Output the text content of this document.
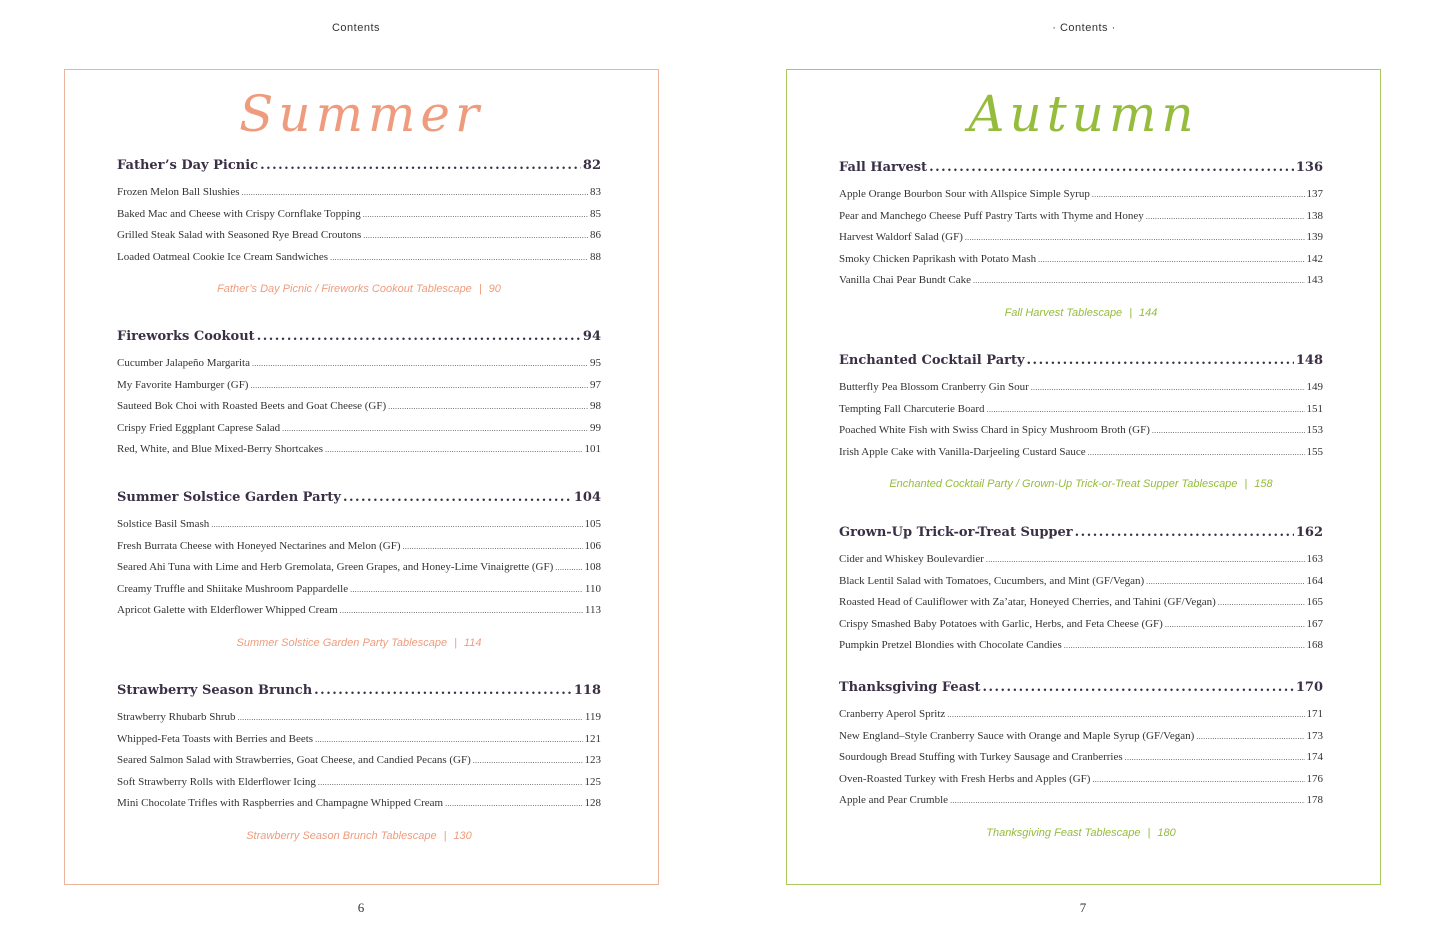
Contents	· Contents ·
Summer
Father’s Day Picnic .....	82
Frozen Melon Ball Slushies .....	83
Baked Mac and Cheese with Crispy Cornflake Topping .....	85
Grilled Steak Salad with Seasoned Rye Bread Croutons .....	86
Loaded Oatmeal Cookie Ice Cream Sandwiches .....	88
Father’s Day Picnic / Fireworks Cookout Tablescape | 90
Fireworks Cookout .....	94
Cucumber Jalapeño Margarita .....	95
My Favorite Hamburger (GF) .....	97
Sauteed Bok Choi with Roasted Beets and Goat Cheese (GF) .....	98
Crispy Fried Eggplant Caprese Salad .....	99
Red, White, and Blue Mixed-Berry Shortcakes .....	101
Summer Solstice Garden Party .....	104
Solstice Basil Smash .....	105
Fresh Burrata Cheese with Honeyed Nectarines and Melon (GF) .....	106
Seared Ahi Tuna with Lime and Herb Gremolata, Green Grapes, and Honey-Lime Vinaigrette (GF) .....	108
Creamy Truffle and Shiitake Mushroom Pappardelle .....	110
Apricot Galette with Elderflower Whipped Cream .....	113
Summer Solstice Garden Party Tablescape | 114
Strawberry Season Brunch .....	118
Strawberry Rhubarb Shrub .....	119
Whipped-Feta Toasts with Berries and Beets .....	121
Seared Salmon Salad with Strawberries, Goat Cheese, and Candied Pecans (GF) .....	123
Soft Strawberry Rolls with Elderflower Icing .....	125
Mini Chocolate Trifles with Raspberries and Champagne Whipped Cream .....	128
Strawberry Season Brunch Tablescape | 130
Autumn
Fall Harvest .....	136
Apple Orange Bourbon Sour with Allspice Simple Syrup .....	137
Pear and Manchego Cheese Puff Pastry Tarts with Thyme and Honey .....	138
Harvest Waldorf Salad (GF) .....	139
Smoky Chicken Paprikash with Potato Mash .....	142
Vanilla Chai Pear Bundt Cake .....	143
Fall Harvest Tablescape | 144
Enchanted Cocktail Party .....	148
Butterfly Pea Blossom Cranberry Gin Sour .....	149
Tempting Fall Charcuterie Board .....	151
Poached White Fish with Swiss Chard in Spicy Mushroom Broth (GF) .....	153
Irish Apple Cake with Vanilla-Darjeeling Custard Sauce .....	155
Enchanted Cocktail Party / Grown-Up Trick-or-Treat Supper Tablescape | 158
Grown-Up Trick-or-Treat Supper .....	162
Cider and Whiskey Boulevardier .....	163
Black Lentil Salad with Tomatoes, Cucumbers, and Mint (GF/Vegan) .....	164
Roasted Head of Cauliflower with Za’atar, Honeyed Cherries, and Tahini (GF/Vegan) .....	165
Crispy Smashed Baby Potatoes with Garlic, Herbs, and Feta Cheese (GF) .....	167
Pumpkin Pretzel Blondies with Chocolate Candies .....	168
Thanksgiving Feast .....	170
Cranberry Aperol Spritz .....	171
New England–Style Cranberry Sauce with Orange and Maple Syrup (GF/Vegan) .....	173
Sourdough Bread Stuffing with Turkey Sausage and Cranberries .....	174
Oven-Roasted Turkey with Fresh Herbs and Apples (GF) .....	176
Apple and Pear Crumble .....	178
Thanksgiving Feast Tablescape | 180
6	7
